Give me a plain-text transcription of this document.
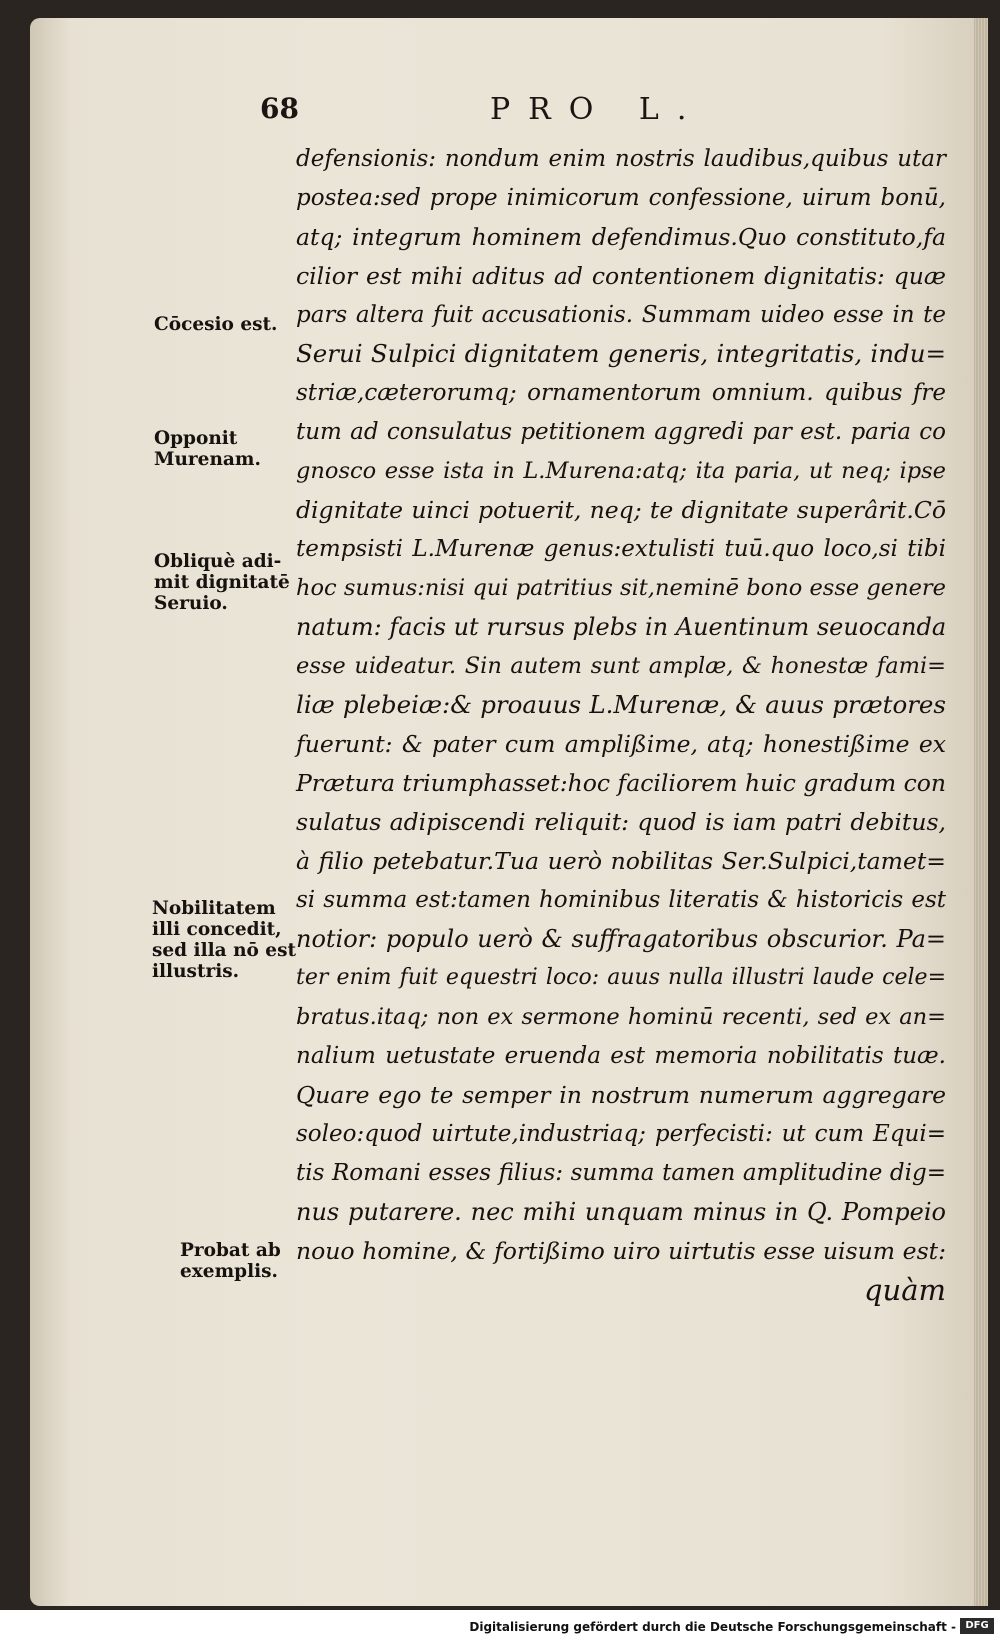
68	PRO L.
defensionis: nondum enim nostris laudibus,quibus utar
postea:sed prope inimicorum confessione, uirum bonū,
atq; integrum hominem defendimus.Quo constituto,fa
cilior est mihi aditus ad contentionem dignitatis: quæ
pars altera fuit accusationis. Summam uideo esse in te
Serui Sulpici dignitatem generis, integritatis, indu=
striæ,cæterorumq; ornamentorum omnium. quibus fre
tum ad consulatus petitionem aggredi par est. paria co
gnosco esse ista in L.Murena:atq; ita paria, ut neq; ipse
dignitate uinci potuerit, neq; te dignitate superârit.Cō
tempsisti L.Murenæ genus:extulisti tuū.quo loco,si tibi
hoc sumus:nisi qui patritius sit,neminē bono esse genere
natum: facis ut rursus plebs in Auentinum seuocanda
esse uideatur. Sin autem sunt amplæ, & honestæ fami=
liæ plebeiæ:& proauus L.Murenæ, & auus prætores
fuerunt: & pater cum amplißime, atq; honestißime ex
Prætura triumphasset:hoc faciliorem huic gradum con
sulatus adipiscendi reliquit: quod is iam patri debitus,
à filio petebatur.Tua uerò nobilitas Ser.Sulpici,tamet=
si summa est:tamen hominibus literatis & historicis est
notior: populo uerò & suffragatoribus obscurior. Pa=
ter enim fuit equestri loco: auus nulla illustri laude cele=
bratus.itaq; non ex sermone hominū recenti, sed ex an=
nalium uetustate eruenda est memoria nobilitatis tuæ.
Quare ego te semper in nostrum numerum aggregare
soleo:quod uirtute,industriaq; perfecisti: ut cum Equi=
tis Romani esses filius: summa tamen amplitudine dig=
nus putarere. nec mihi unquam minus in Q. Pompeio
nouo homine, & fortißimo uiro uirtutis esse uisum est:
quàm
Cōcesio est.
Opponit
Murenam.
Obliquè adi-
mit dignitatē
Seruio.
Nobilitatem
illi concedit,
sed illa nō est
illustris.
Probat ab
exemplis.
Digitalisierung gefördert durch die Deutsche Forschungsgemeinschaft - DFG
